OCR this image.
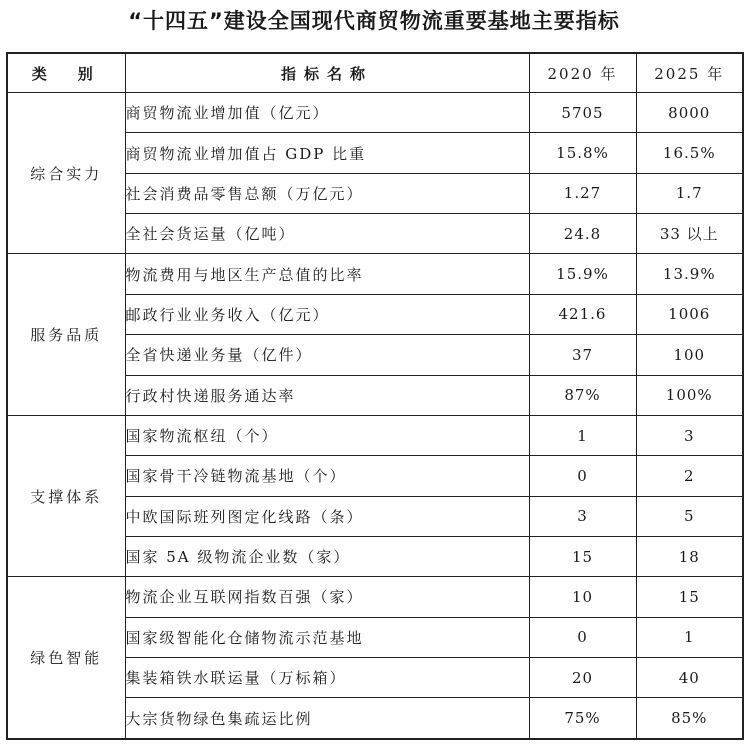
“十四五”建设全国现代商贸物流重要基地主要指标
类　别	指标名称	2020 年	2025 年
综合实力	商贸物流业增加值（亿元）	5705	8000
	商贸物流业增加值占 GDP 比重	15.8%	16.5%
	社会消费品零售总额（万亿元）	1.27	1.7
	全社会货运量（亿吨）	24.8	33 以上
服务品质	物流费用与地区生产总值的比率	15.9%	13.9%
	邮政行业业务收入（亿元）	421.6	1006
	全省快递业务量（亿件）	37	100
	行政村快递服务通达率	87%	100%
支撑体系	国家物流枢纽（个）	1	3
	国家骨干冷链物流基地（个）	0	2
	中欧国际班列图定化线路（条）	3	5
	国家 5A 级物流企业数（家）	15	18
绿色智能	物流企业互联网指数百强（家）	10	15
	国家级智能化仓储物流示范基地	0	1
	集装箱铁水联运量（万标箱）	20	40
	大宗货物绿色集疏运比例	75%	85%
